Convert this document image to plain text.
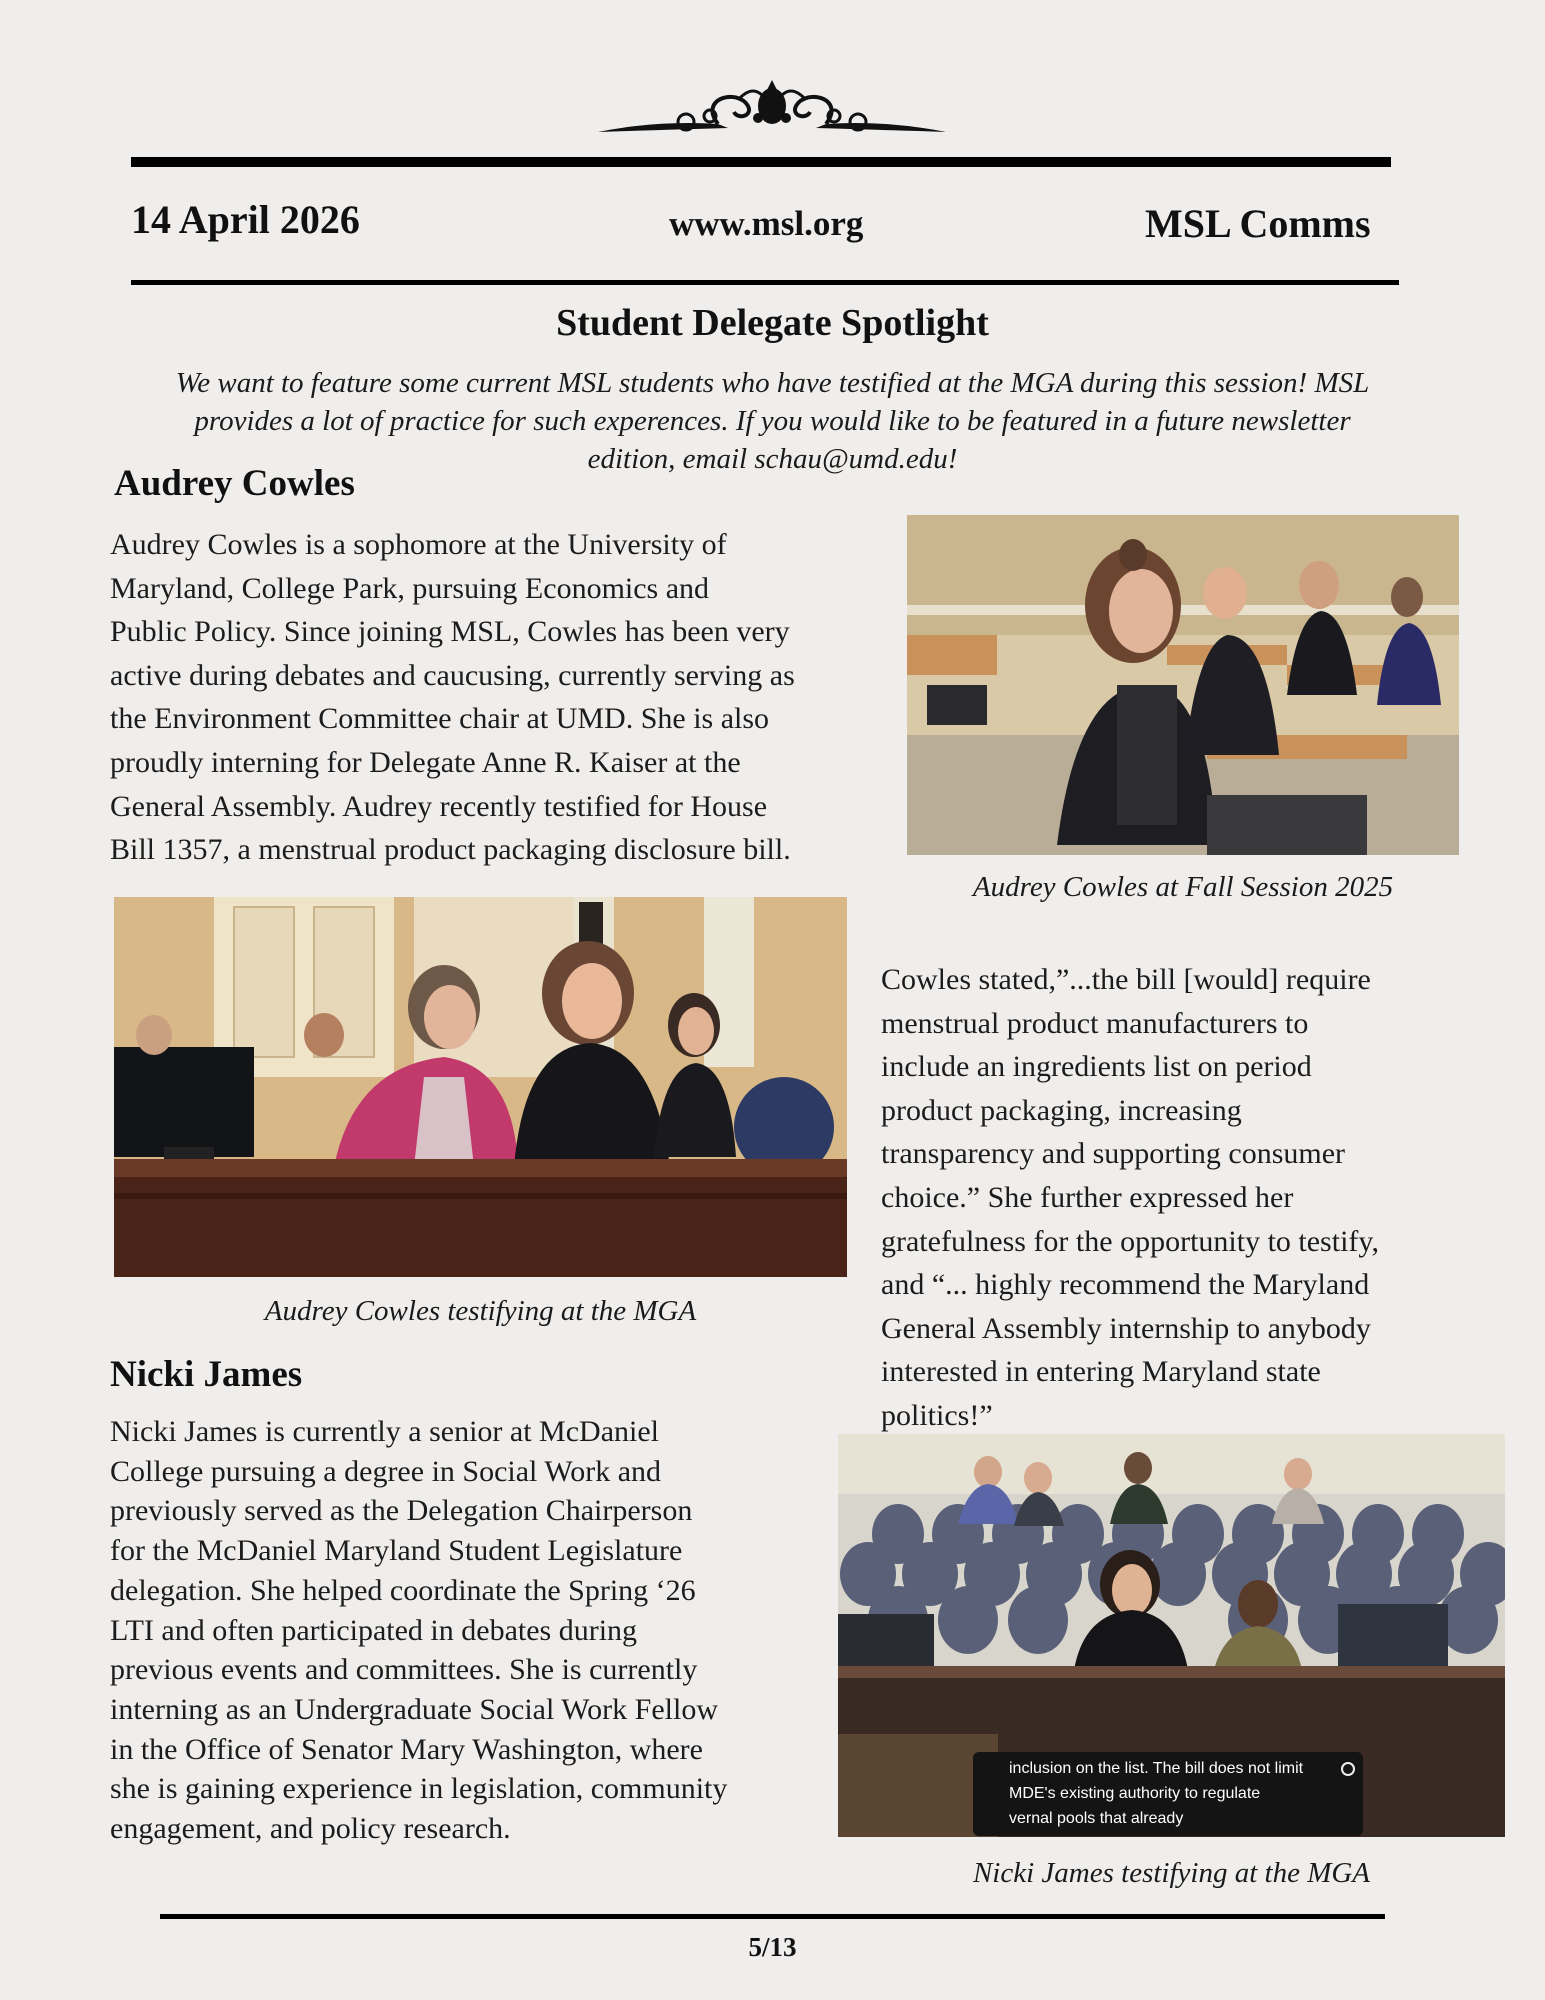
14 April 2026	www.msl.org	MSL Comms
Student Delegate Spotlight
We want to feature some current MSL students who have testified at the MGA during this session! MSL provides a lot of practice for such experences. If you would like to be featured in a future newsletter edition, email schau@umd.edu!
Audrey Cowles
Audrey Cowles is a sophomore at the University of
Maryland, College Park, pursuing Economics and
Public Policy. Since joining MSL, Cowles has been very
active during debates and caucusing, currently serving as
the Environment Committee chair at UMD. She is also
proudly interning for Delegate Anne R. Kaiser at the
General Assembly. Audrey recently testified for House
Bill 1357, a menstrual product packaging disclosure bill.
Audrey Cowles at Fall Session 2025
Audrey Cowles testifying at the MGA
Cowles stated,”...the bill [would] require
menstrual product manufacturers to
include an ingredients list on period
product packaging, increasing
transparency and supporting consumer
choice.” She further expressed her
gratefulness for the opportunity to testify,
and “... highly recommend the Maryland
General Assembly internship to anybody
interested in entering Maryland state
politics!”
Nicki James
Nicki James is currently a senior at McDaniel
College pursuing a degree in Social Work and
previously served as the Delegation Chairperson
for the McDaniel Maryland Student Legislature
delegation. She helped coordinate the Spring ‘26
LTI and often participated in debates during
previous events and committees. She is currently
interning as an Undergraduate Social Work Fellow
in the Office of Senator Mary Washington, where
she is gaining experience in legislation, community
engagement, and policy research.
inclusion on the list. The bill does not limit
MDE's existing authority to regulate
vernal pools that already
Nicki James testifying at the MGA
5/13
